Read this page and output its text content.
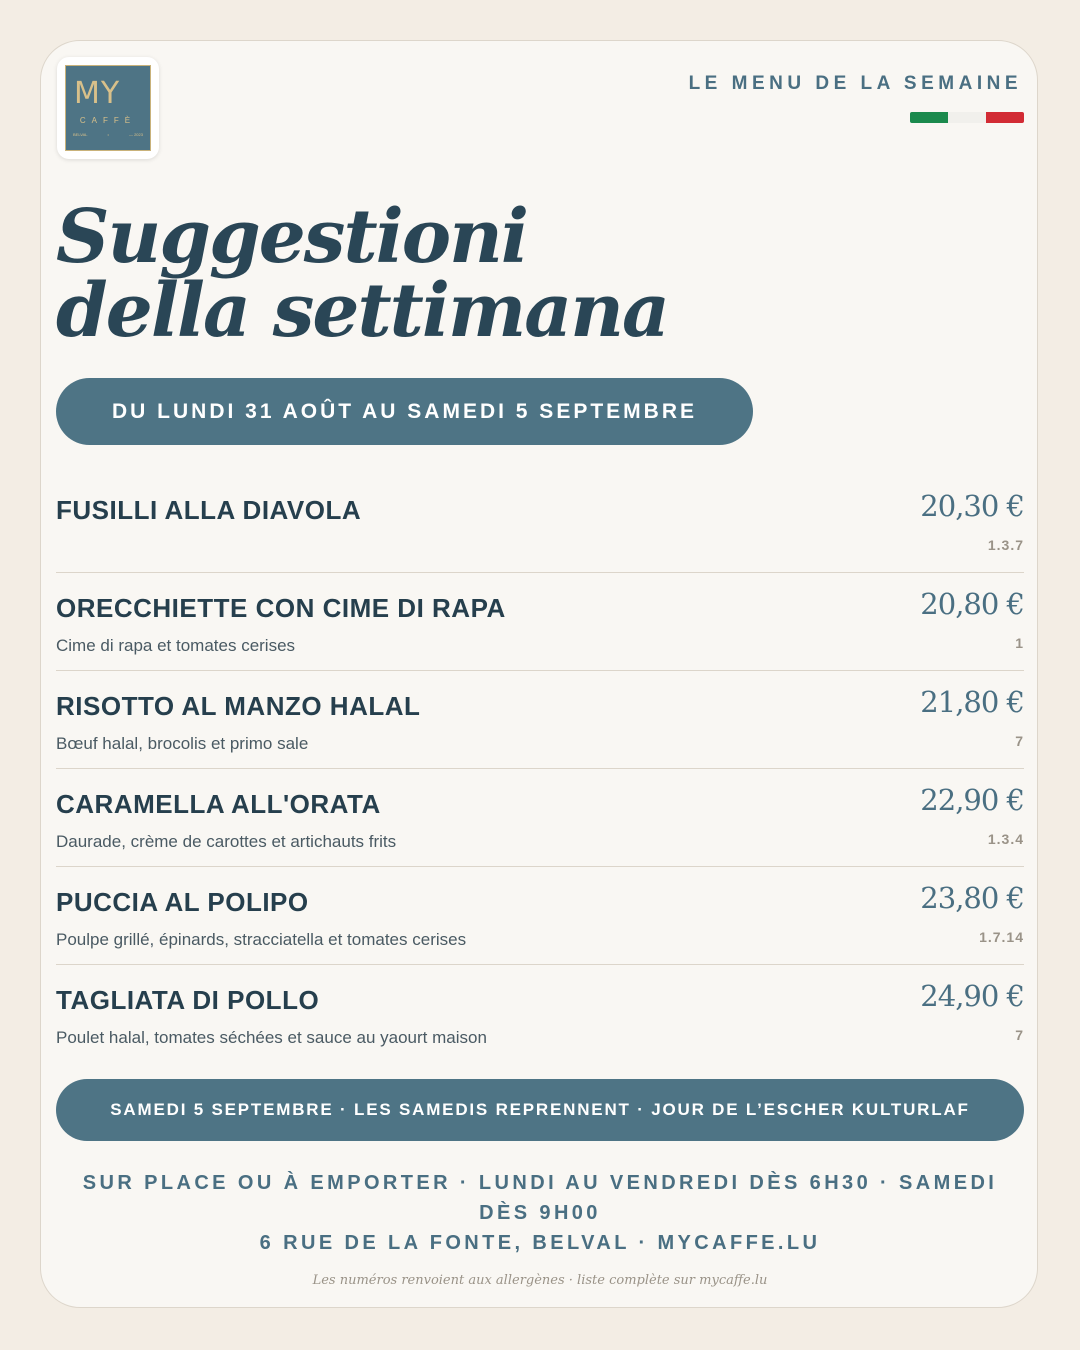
MY
CAFFÈ
BELVAL	•	— 2023
LE MENU DE LA SEMAINE
Suggestioni
della settimana
DU LUNDI 31 AOÛT AU SAMEDI 5 SEPTEMBRE
FUSILLI ALLA DIAVOLA	20,30 €
1.3.7
ORECCHIETTE CON CIME DI RAPA
Cime di rapa et tomates cerises
20,80 €
1
RISOTTO AL MANZO HALAL
Bœuf halal, brocolis et primo sale
21,80 €
7
CARAMELLA ALL'ORATA
Daurade, crème de carottes et artichauts frits
22,90 €
1.3.4
PUCCIA AL POLIPO
Poulpe grillé, épinards, stracciatella et tomates cerises
23,80 €
1.7.14
TAGLIATA DI POLLO
Poulet halal, tomates séchées et sauce au yaourt maison
24,90 €
7
SAMEDI 5 SEPTEMBRE · LES SAMEDIS REPRENNENT · JOUR DE L’ESCHER KULTURLAF
SUR PLACE OU À EMPORTER · LUNDI AU VENDREDI DÈS 6H30 · SAMEDI DÈS 9H00
6 RUE DE LA FONTE, BELVAL · MYCAFFE.LU
Les numéros renvoient aux allergènes · liste complète sur mycaffe.lu
